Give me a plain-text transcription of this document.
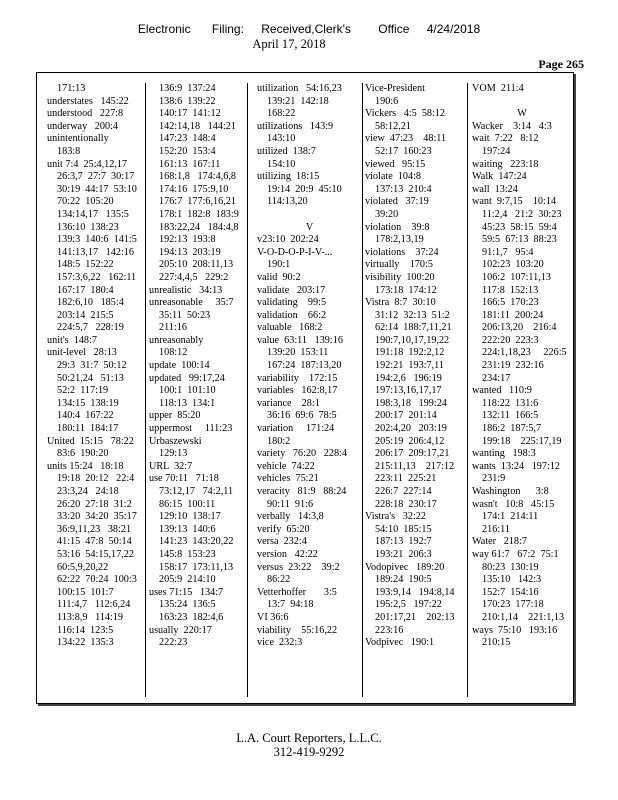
Electronic Filing: Received,Clerk's Office 4/24/2018
April 17, 2018
Page 265
171:13
understates   145:22
understood   227:8
underway   200:4
unintentionally
183:8
unit 7:4  25:4,12,17
26:3,7  27:7  30:17
30:19  44:17  53:10
70:22  105:20
134:14,17   135:5
136:10  138:23
139:3  140:6  141:5
141:13,17   142:16
148:5  152:22
157:3,6,22   162:11
167:17  180:4
182:6,10   185:4
203:14  215:5
224:5,7   228:19
unit's  148:7
unit-level   28:13
29:3  31:7  50:12
50:21,24   51:13
52:2  117:19
134:15  138:19
140:4  167:22
180:11  184:17
United  15:15   78:22
83:6  190:20
units 15:24   18:18
19:18  20:12   22:4
23:3,24   24:18
26:20  27:18  31:2
33:20  34:20  35:17
36:9,11,23   38:21
41:15  47:8  50:14
53:16  54:15,17,22
60:5,9,20,22
62:22  70:24  100:3
100:15  101:7
111:4,7   112:6,24
113:8,9   114:19
116:14  123:5
134:22  135:3
136:9  137:24
138:6  139:22
140:17  141:12
142:14,18   144:21
147:23  148:4
152:20  153:4
161:13  167:11
168:1,8   174:4,6,8
174:16  175:9,10
176:7  177:6,16,21
178:1  182:8  183:9
183:22,24   184:4,8
192:13  193:8
194:13  203:19
205:10  208:11,13
227:4,4,5   229:2
unrealistic   34:13
unreasonable     35:7
35:11  50:23
211:16
unreasonably
108:12
update  100:14
updated   99:17,24
100:1  101:10
118:13  134:1
upper  85:20
uppermost     111:23
Urbaszewski
129:13
URL  32:7
use 70:11   71:18
73:12,17   74:2,11
86:15  100:11
129:10  138:17
139:13  140:6
141:23  143:20,22
145:8  153:23
158:17  173:11,13
205:9  214:10
uses 71:15   134:7
135:24  136:5
163:23  182:4,6
usually  220:17
222:23
utilization   54:16,23
139:21  142:18
168:22
utilizations   143:9
143:10
utilized  138:7
154:10
utilizing  18:15
19:14  20:9  45:10
114:13,20
V
v23:10  202:24
V-O-D-O-P-I-V-...
190:1
valid  90:2
validate   203:17
validating    99:5
validation    66:2
valuable   168:2
value  63:11   139:16
139:20  153:11
167:24  187:13,20
variability    172:15
variables   162:8,17
variance    28:1
36:16  69:6  78:5
variation     171:24
180:2
variety   76:20   228:4
vehicle  74:22
vehicles  75:21
veracity   81:9   88:24
90:11  91:6
verbally   14:3,8
verify  65:20
versa  232:4
version   42:22
versus  23:22    39:2
86:22
Vetterhoffer       3:5
13:7  94:18
VI 36:6
viability    55:16,22
vice  232:3
Vice-President
190:6
Vickers   4:5  58:12
58:12,21
view  47:23    48:11
52:17  160:23
viewed   95:15
violate  104:8
137:13  210:4
violated   37:19
39:20
violation    39:8
178:2,13,19
violations    37:24
virtually    170:5
visibility  100:20
173:18  174:12
Vistra  8:7  30:10
31:12  32:13  51:2
62:14  188:7,11,21
190:7,10,17,19,22
191:18  192:2,12
192:21  193:7,11
194:2,6   196:19
197:13,16,17,17
198:3,18   199:24
200:17  201:14
202:4,20   203:19
205:19  206:4,12
206:17  209:17,21
215:11,13    217:12
223:11  225:21
226:7  227:14
228:18  230:17
Vistra's   32:22
54:10  185:15
187:13  192:7
193:21  206:3
Vodopivec   189:20
189:24  190:5
193:9,14   194:8,14
195:2,5   197:22
201:17,21    202:13
223:16
Vodpivec   190:1
VOM  211:4
W
Wacker    3:14   4:3
wait  7:22   8:12
197:24
waiting   223:18
Walk  147:24
wall  13:24
want  9:7,15    10:14
11:2,4   21:2  30:23
45:23  58:15  59:4
59:5  67:13  88:23
91:1,7   95:4
102:23  103:20
106:2  107:11,13
117:8  152:13
166:5  170:23
181:11  200:24
206:13,20    216:4
222:20  223:3
224:1,18,23     226:5
231:19  232:16
234:17
wanted   110:9
118:22  131:6
132:11  166:5
186:2  187:5,7
199:18    225:17,19
wanting   198:3
wants  13:24   197:12
231:9
Washington      3:8
wasn't   10:8   45:15
174:1  214:11
216:11
Water   218:7
way 61:7   67:2  75:1
80:23  130:19
135:10   142:3
152:7  154:16
170:23  177:18
210:1,14    221:1,13
ways  75:10   193:16
210:15
L.A. Court Reporters, L.L.C.
312-419-9292
